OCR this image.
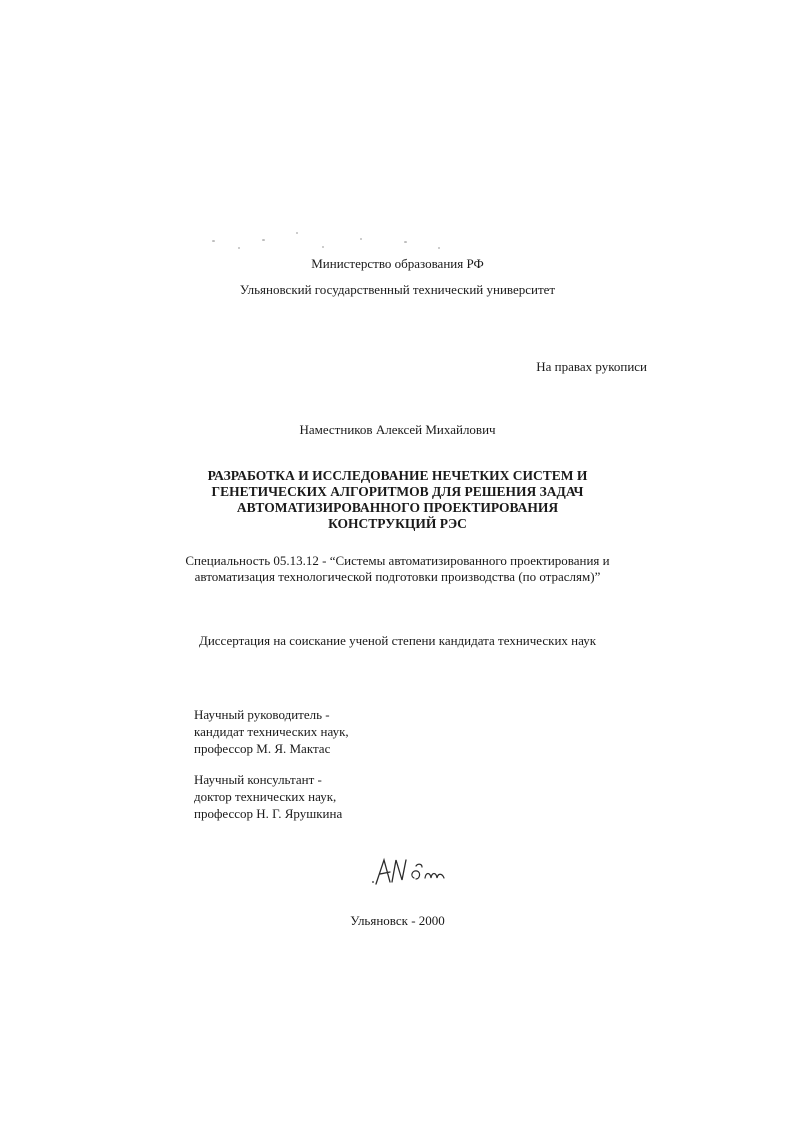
Министерство образования РФ
Ульяновский государственный технический университет
На правах рукописи
Наместников Алексей Михайлович
РАЗРАБОТКА И ИССЛЕДОВАНИЕ НЕЧЕТКИХ СИСТЕМ И
ГЕНЕТИЧЕСКИХ АЛГОРИТМОВ ДЛЯ РЕШЕНИЯ ЗАДАЧ
АВТОМАТИЗИРОВАННОГО ПРОЕКТИРОВАНИЯ
КОНСТРУКЦИЙ РЭС
Специальность 05.13.12 - “Системы автоматизированного проектирования и
автоматизация технологической подготовки производства (по отраслям)”
Диссертация на соискание ученой степени кандидата технических наук
Научный руководитель -
кандидат технических наук,
профессор М. Я. Мактас
Научный консультант -
доктор технических наук,
профессор Н. Г. Ярушкина
Ульяновск - 2000
